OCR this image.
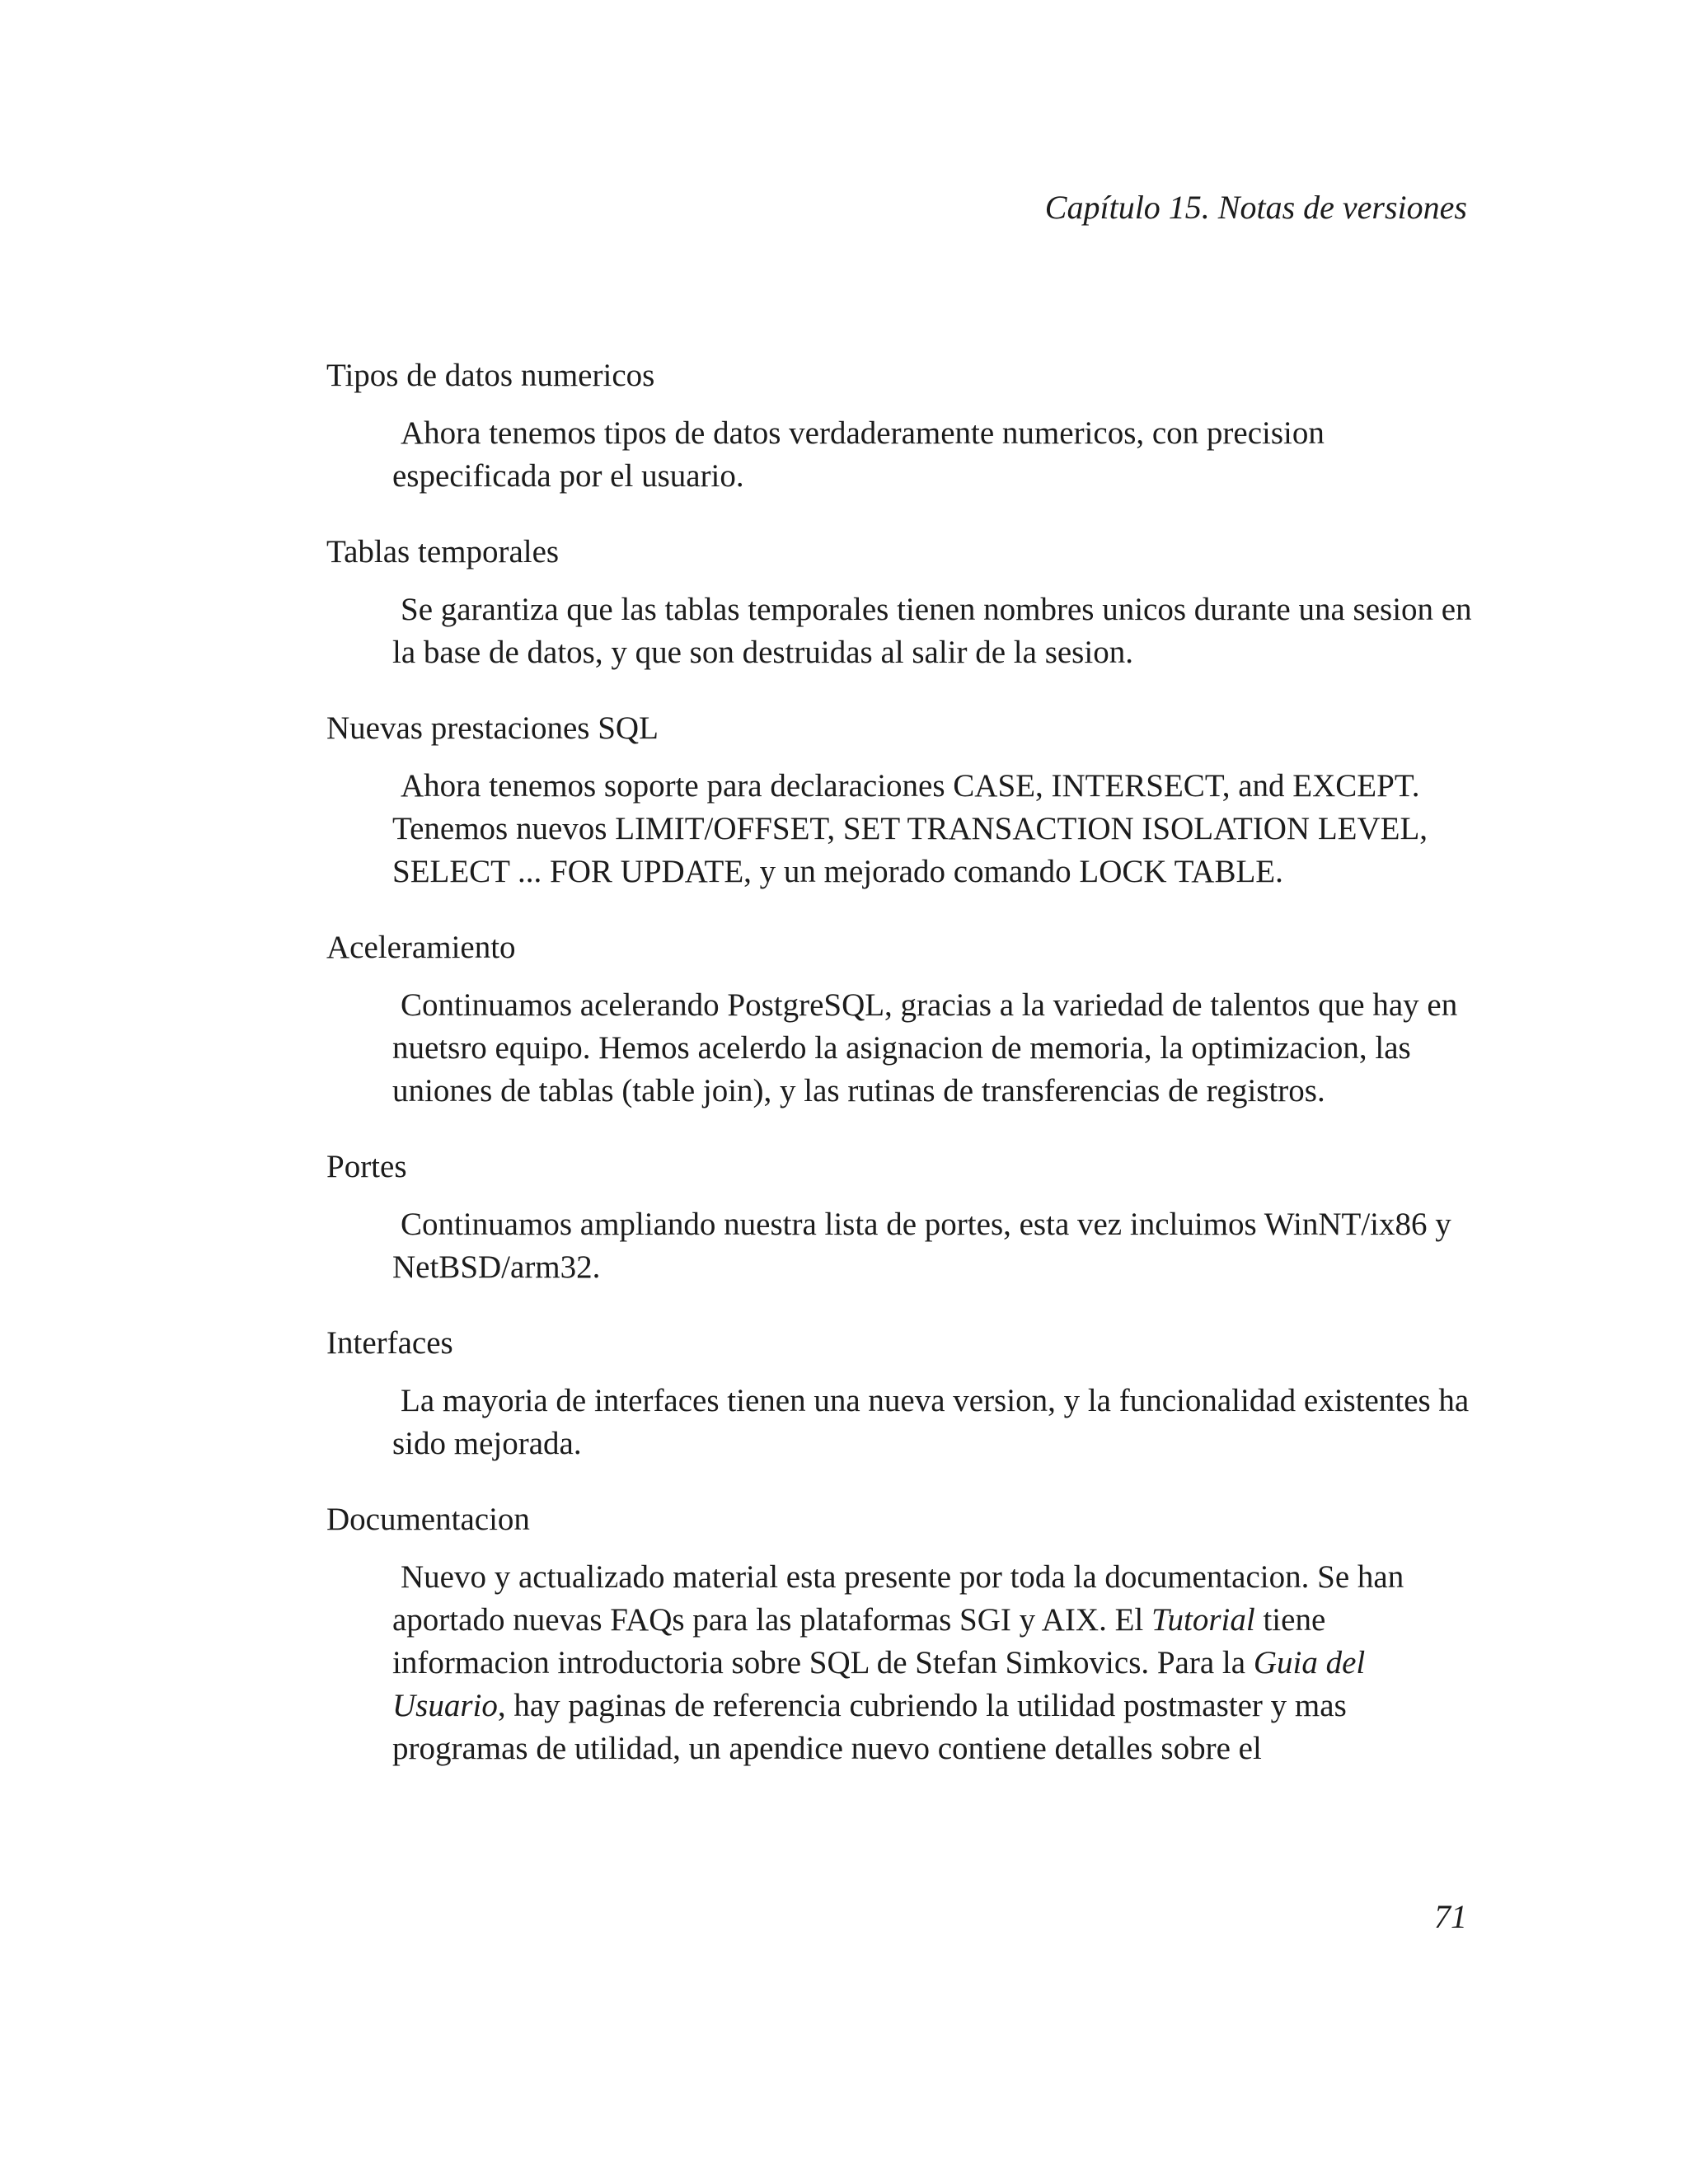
Capítulo 15. Notas de versiones
Tipos de datos numericos
Ahora tenemos tipos de datos verdaderamente numericos, con precision especificada por el usuario.
Tablas temporales
Se garantiza que las tablas temporales tienen nombres unicos durante una sesion en la base de datos, y que son destruidas al salir de la sesion.
Nuevas prestaciones SQL
Ahora tenemos soporte para declaraciones CASE, INTERSECT, and EXCEPT. Tenemos nuevos LIMIT/OFFSET, SET TRANSACTION ISOLATION LEVEL, SELECT ... FOR UPDATE, y un mejorado comando LOCK TABLE.
Aceleramiento
Continuamos acelerando PostgreSQL, gracias a la variedad de talentos que hay en nuetsro equipo. Hemos acelerdo la asignacion de memoria, la optimizacion, las uniones de tablas (table join), y las rutinas de transferencias de registros.
Portes
Continuamos ampliando nuestra lista de portes, esta vez incluimos WinNT/ix86 y NetBSD/arm32.
Interfaces
La mayoria de interfaces tienen una nueva version, y la funcionalidad existentes ha sido mejorada.
Documentacion
Nuevo y actualizado material esta presente por toda la documentacion. Se han aportado nuevas FAQs para las plataformas SGI y AIX. El Tutorial tiene informacion introductoria sobre SQL de Stefan Simkovics. Para la Guia del Usuario, hay paginas de referencia cubriendo la utilidad postmaster y mas programas de utilidad, un apendice nuevo contiene detalles sobre el
71
